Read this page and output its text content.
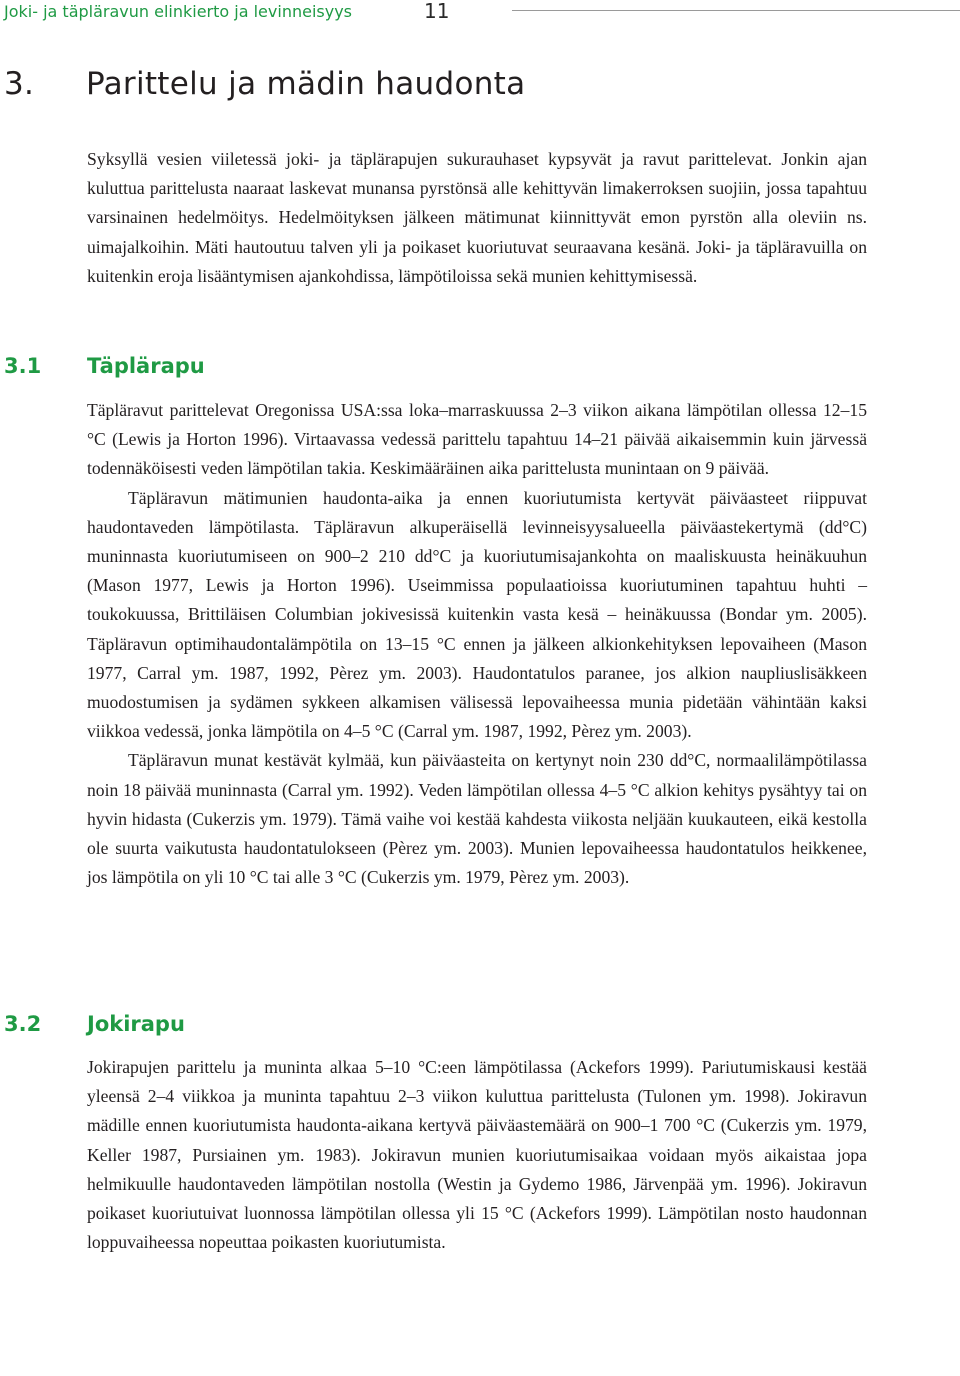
Joki- ja täpläravun elinkierto ja levinneisyys	11
3. Parittelu ja mädin haudonta

Syksyllä vesien viiletessä joki- ja täplärapujen sukurauhaset kypsyvät ja ravut parittelevat. Jonkin ajan kuluttua parittelusta naaraat laskevat munansa pyrstönsä alle kehittyvän limakerroksen suojiin, jossa tapahtuu varsinainen hedelmöitys. Hedelmöityksen jälkeen mätimunat kiinnittyvät emon pyrstön alla oleviin ns. uimajalkoihin. Mäti hautoutuu talven yli ja poikaset kuoriutuvat seuraavana kesänä. Joki- ja täpläravuilla on kuitenkin eroja lisääntymisen ajankohdissa, lämpötiloissa sekä munien kehittymisessä.

3.1 Täplärapu

Täpläravut parittelevat Oregonissa USA:ssa loka–marraskuussa 2–3 viikon aikana lämpötilan ollessa 12–15 °C (Lewis ja Horton 1996). Virtaavassa vedessä parittelu tapahtuu 14–21 päivää aikaisemmin kuin järvessä todennäköisesti veden lämpötilan takia. Keskimääräinen aika parittelusta munintaan on 9 päivää.

Täpläravun mätimunien haudonta-aika ja ennen kuoriutumista kertyvät päiväasteet riippuvat haudontaveden lämpötilasta. Täpläravun alkuperäisellä levinneisyysalueella päiväastekertymä (dd°C) muninnasta kuoriutumiseen on 900–2 210 dd°C ja kuoriutumisajankohta on maaliskuusta heinäkuuhun (Mason 1977, Lewis ja Horton 1996). Useimmissa populaatioissa kuoriutuminen tapahtuu huhti – toukokuussa, Brittiläisen Columbian jokivesissä kuitenkin vasta kesä – heinäkuussa (Bondar ym. 2005). Täpläravun optimihaudontalämpötila on 13–15 °C ennen ja jälkeen alkionkehityksen lepovaiheen (Mason 1977, Carral ym. 1987, 1992, Pèrez ym. 2003). Haudontatulos paranee, jos alkion naupliuslisäkkeen muodostumisen ja sydämen sykkeen alkamisen välisessä lepovaiheessa munia pidetään vähintään kaksi viikkoa vedessä, jonka lämpötila on 4–5 °C (Carral ym. 1987, 1992, Pèrez ym. 2003).

Täpläravun munat kestävät kylmää, kun päiväasteita on kertynyt noin 230 dd°C, normaalilämpötilassa noin 18 päivää muninnasta (Carral ym. 1992). Veden lämpötilan ollessa 4–5 °C alkion kehitys pysähtyy tai on hyvin hidasta (Cukerzis ym. 1979). Tämä vaihe voi kestää kahdesta viikosta neljään kuukauteen, eikä kestolla ole suurta vaikutusta haudontatulokseen (Pèrez ym. 2003). Munien lepovaiheessa haudontatulos heikkenee, jos lämpötila on yli 10 °C tai alle 3 °C (Cukerzis ym. 1979, Pèrez ym. 2003).

3.2 Jokirapu

Jokirapujen parittelu ja muninta alkaa 5–10 °C:een lämpötilassa (Ackefors 1999). Pariutumiskausi kestää yleensä 2–4 viikkoa ja muninta tapahtuu 2–3 viikon kuluttua parittelusta (Tulonen ym. 1998). Jokiravun mädille ennen kuoriutumista haudonta-aikana kertyvä päiväastemäärä on 900–1 700 °C (Cukerzis ym. 1979, Keller 1987, Pursiainen ym. 1983). Jokiravun munien kuoriutumisaikaa voidaan myös aikaistaa jopa helmikuulle haudontaveden lämpötilan nostolla (Westin ja Gydemo 1986, Järvenpää ym. 1996). Jokiravun poikaset kuoriutuivat luonnossa lämpötilan ollessa yli 15 °C (Ackefors 1999). Lämpötilan nosto haudonnan loppuvaiheessa nopeuttaa poikasten kuoriutumista.
